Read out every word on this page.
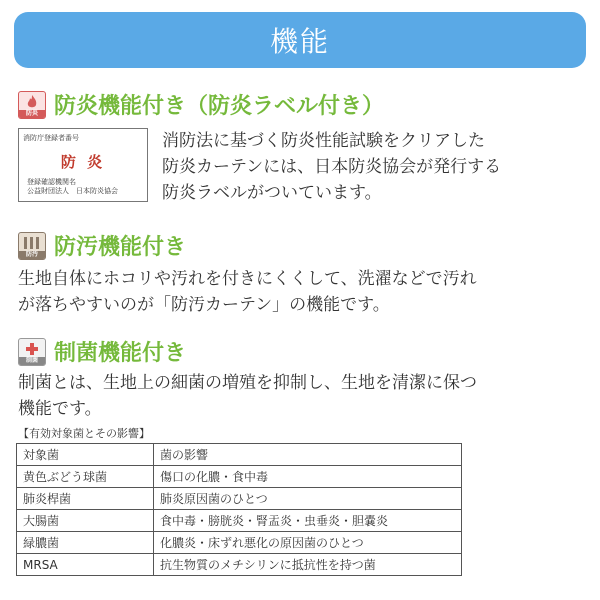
機能
防炎 防炎機能付き（防炎ラベル付き）
消防庁登録者番号
防 炎
登録確認機関名
公益財団法人　日本防炎協会
消防法に基づく防炎性能試験をクリアした
防炎カーテンには、日本防炎協会が発行する
防炎ラベルがついています。
防汚 防汚機能付き
生地自体にホコリや汚れを付きにくくして、洗濯などで汚れ
が落ちやすいのが「防汚カーテン」の機能です。
制菌 制菌機能付き
制菌とは、生地上の細菌の増殖を抑制し、生地を清潔に保つ
機能です。
【有効対象菌とその影響】
対象菌	菌の影響
黄色ぶどう球菌	傷口の化膿・食中毒
肺炎桿菌	肺炎原因菌のひとつ
大腸菌	食中毒・膀胱炎・腎盂炎・虫垂炎・胆嚢炎
緑膿菌	化膿炎・床ずれ悪化の原因菌のひとつ
MRSA	抗生物質のメチシリンに抵抗性を持つ菌
